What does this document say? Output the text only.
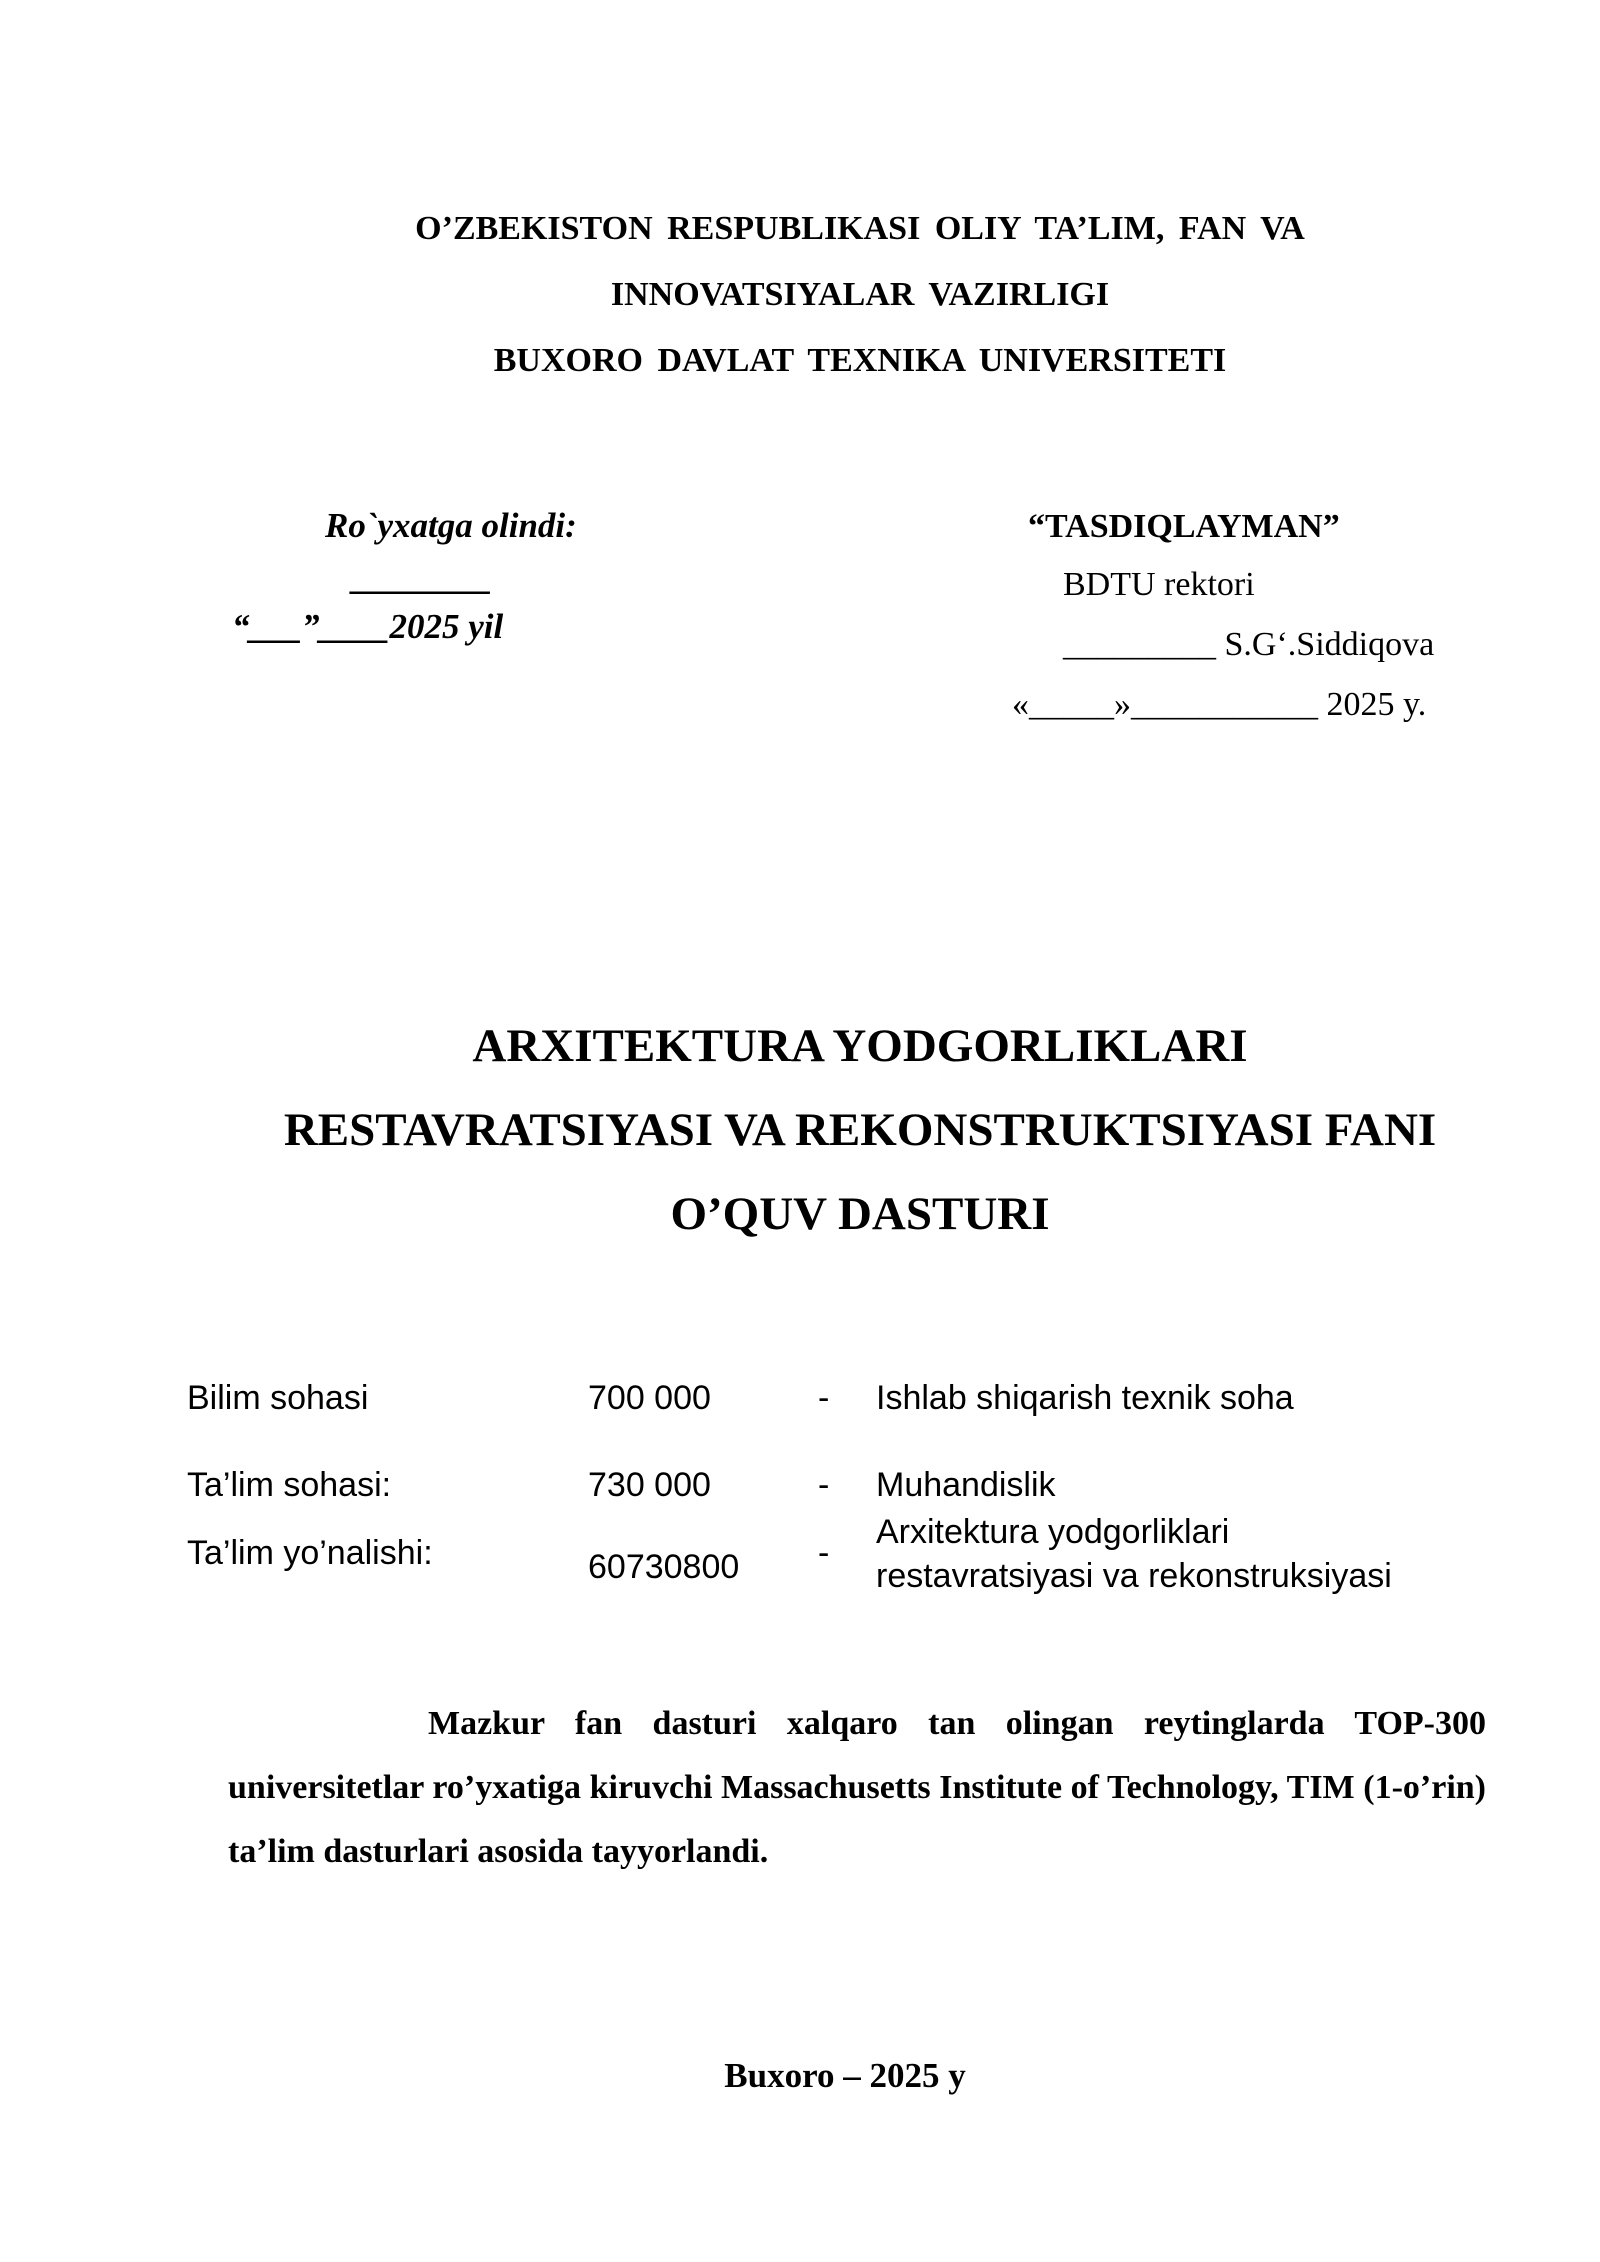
O’ZBEKISTON RESPUBLIKASI OLIY TA’LIM, FAN VA
INNOVATSIYALAR VAZIRLIGI
BUXORO DAVLAT TEXNIKA UNIVERSITETI
Ro`yxatga olindi:
________
“___”____2025 yil
“TASDIQLAYMAN”
BDTU rektori
_________ S.G‘.Siddiqova
«_____»___________ 2025 y.
ARXITEKTURA YODGORLIKLARI
RESTAVRATSIYASI VA REKONSTRUKTSIYASI FANI
O’QUV DASTURI
Bilim sohasi	700 000	- Ishlab shiqarish texnik soha
Ta’lim sohasi:	730 000	- Muhandislik
Ta’lim yo’nalishi:	60730800 -
Arxitektura yodgorliklari
restavratsiyasi va rekonstruksiyasi
Mazkur fan dasturi xalqaro tan olingan reytinglarda TOP-300 universitetlar ro’yxatiga kiruvchi Massachusetts Institute of Technology, TIM (1-o’rin) ta’lim dasturlari asosida tayyorlandi.
Buxoro – 2025 y
